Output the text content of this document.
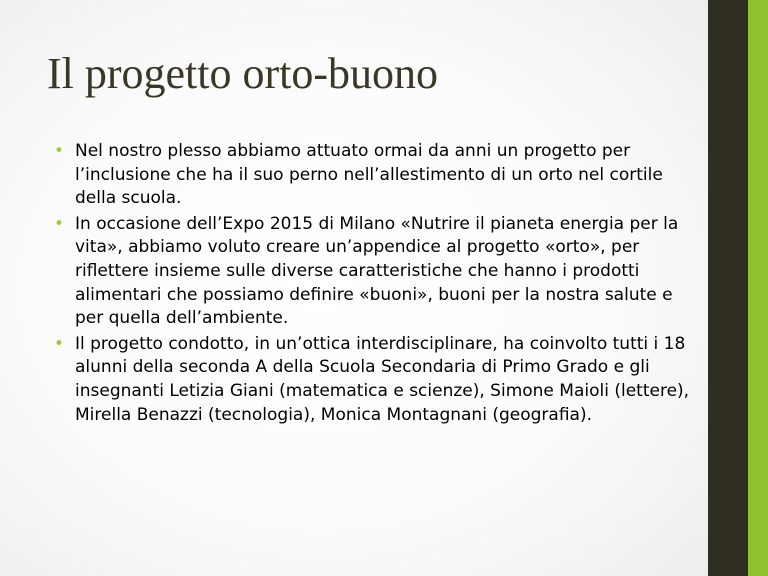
Il progetto orto-buono
• Nel nostro plesso abbiamo attuato ormai da anni un progetto per l’inclusione che ha il suo perno nell’allestimento di un orto nel cortile della scuola.
• In occasione dell’Expo 2015 di Milano «Nutrire il pianeta energia per la vita», abbiamo voluto creare un’appendice al progetto «orto», per riflettere insieme sulle diverse caratteristiche che hanno i prodotti alimentari che possiamo definire «buoni», buoni per la nostra salute e per quella dell’ambiente.
• Il progetto condotto, in un’ottica interdisciplinare, ha coinvolto tutti i 18 alunni della seconda A della Scuola Secondaria di Primo Grado e gli insegnanti Letizia Giani (matematica e scienze), Simone Maioli (lettere), Mirella Benazzi (tecnologia), Monica Montagnani (geografia).
